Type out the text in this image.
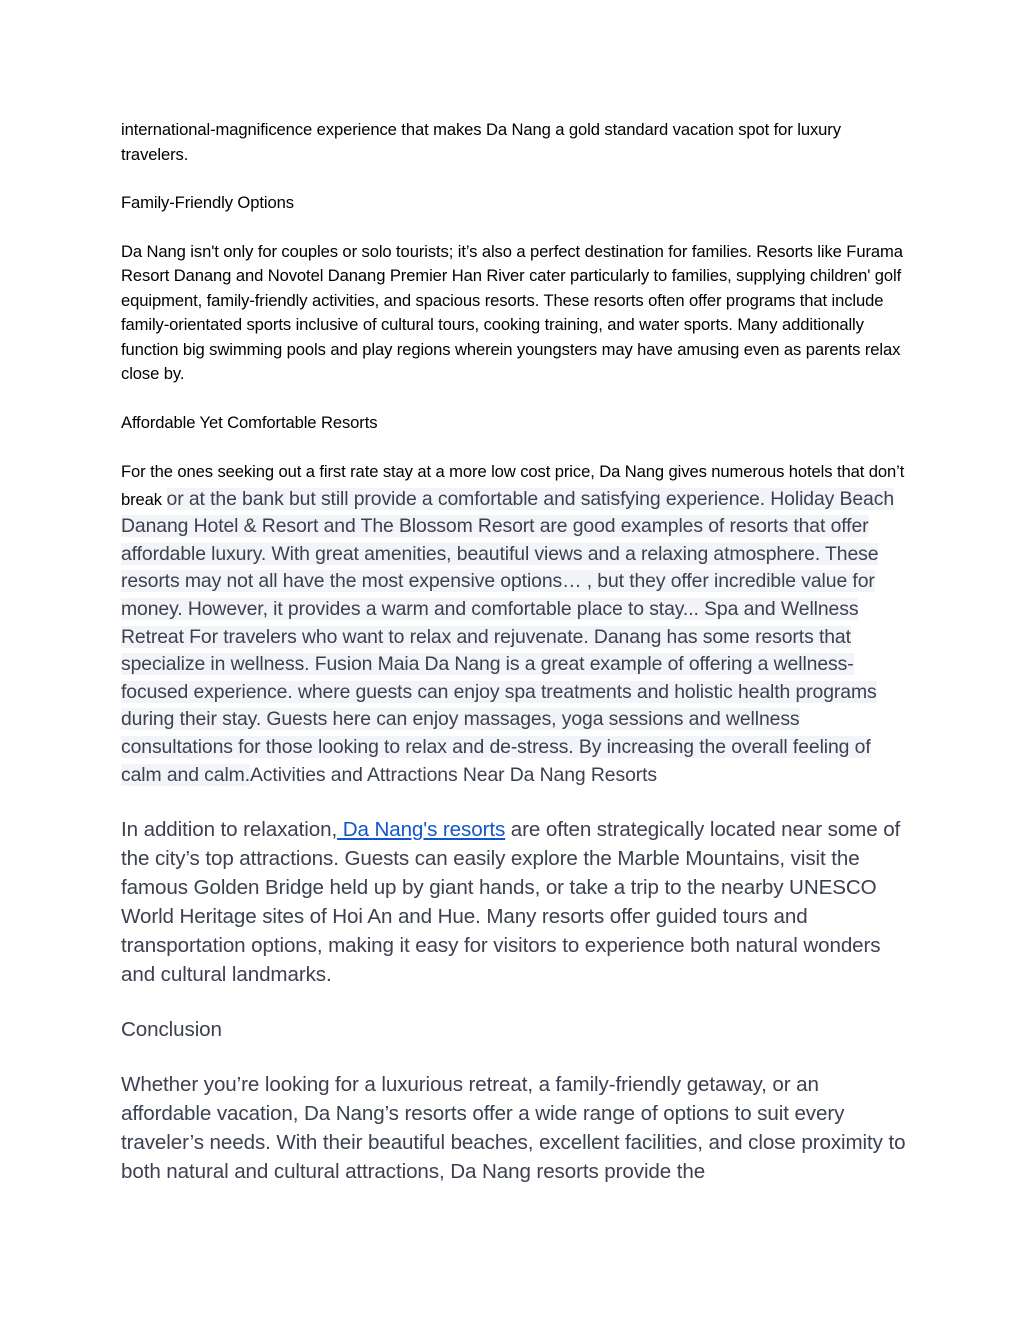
international-magnificence experience that makes Da Nang a gold standard vacation spot for luxury travelers.

Family-Friendly Options

Da Nang isn't only for couples or solo tourists; it’s also a perfect destination for families. Resorts like Furama Resort Danang and Novotel Danang Premier Han River cater particularly to families, supplying children' golf equipment, family-friendly activities, and spacious resorts. These resorts often offer programs that include family-orientated sports inclusive of cultural tours, cooking training, and water sports. Many additionally function big swimming pools and play regions wherein youngsters may have amusing even as parents relax close by.

Affordable Yet Comfortable Resorts

For the ones seeking out a first rate stay at a more low cost price, Da Nang gives numerous hotels that don’t break or at the bank but still provide a comfortable and satisfying experience. Holiday Beach Danang Hotel & Resort and The Blossom Resort are good examples of resorts that offer affordable luxury. With great amenities, beautiful views and a relaxing atmosphere. These resorts may not all have the most expensive options… , but they offer incredible value for money. However, it provides a warm and comfortable place to stay... Spa and Wellness Retreat For travelers who want to relax and rejuvenate. Danang has some resorts that specialize in wellness. Fusion Maia Da Nang is a great example of offering a wellness-focused experience. where guests can enjoy spa treatments and holistic health programs during their stay. Guests here can enjoy massages, yoga sessions and wellness consultations for those looking to relax and de-stress. By increasing the overall feeling of calm and calm.Activities and Attractions Near Da Nang Resorts

In addition to relaxation, Da Nang's resorts are often strategically located near some of the city’s top attractions. Guests can easily explore the Marble Mountains, visit the famous Golden Bridge held up by giant hands, or take a trip to the nearby UNESCO World Heritage sites of Hoi An and Hue. Many resorts offer guided tours and transportation options, making it easy for visitors to experience both natural wonders and cultural landmarks.

Conclusion

Whether you’re looking for a luxurious retreat, a family-friendly getaway, or an affordable vacation, Da Nang’s resorts offer a wide range of options to suit every traveler’s needs. With their beautiful beaches, excellent facilities, and close proximity to both natural and cultural attractions, Da Nang resorts provide the
